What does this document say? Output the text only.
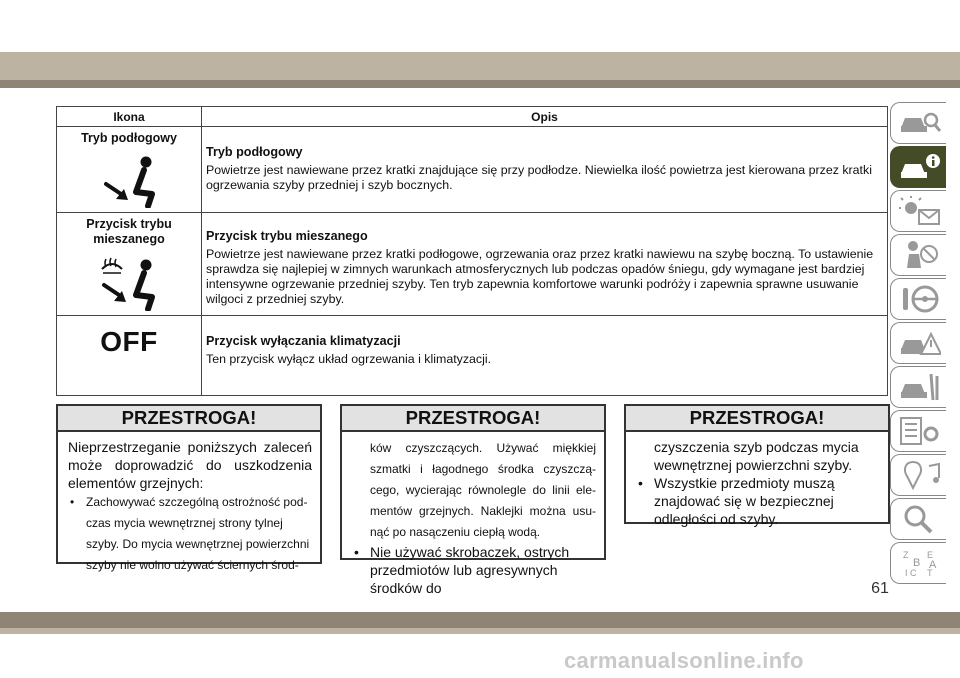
Ikona	Opis
Tryb podłogowy	Tryb podłogowy
Powietrze jest nawiewane przez kratki znajdujące się przy podłodze. Niewielka ilość powietrza jest kierowana przez kratki ogrzewania szyby przedniej i szyb bocznych.
Przycisk trybu mieszanego	Przycisk trybu mieszanego
Powietrze jest nawiewane przez kratki podłogowe, ogrzewania oraz przez kratki nawiewu na szybę boczną. To ustawienie sprawdza się najlepiej w zimnych warunkach atmosferycznych lub podczas opadów śniegu, gdy wymagane jest bardziej intensywne ogrzewanie przedniej szyby. Ten tryb zapewnia komfortowe warunki podróży i zapewnia sprawne usuwanie wilgoci z przedniej szyby.

OFF	Przycisk wyłączania klimatyzacji
Ten przycisk wyłącz układ ogrzewania i klimatyzacji.
PRZESTROGA!
Nieprzestrzeganie poniższych zaleceń może doprowadzić do uszkodzenia elementów grzejnych:
• Zachowywać szczególną ostrożność podczas mycia wewnętrznej strony tylnej szyby. Do mycia wewnętrznej powierzchni szyby nie wolno używać ściernych środ-
PRZESTROGA!
ków czyszczących. Używać miękkiej szmatki i łagodnego środka czyszczącego, wycierając równolegle do linii elementów grzejnych. Naklejki można usunąć po nasączeniu ciepłą wodą.
• Nie używać skrobaczek, ostrych przedmiotów lub agresywnych środków do
PRZESTROGA!
czyszczenia szyb podczas mycia wewnętrznej powierzchni szyby.
• Wszystkie przedmioty muszą znajdować się w bezpiecznej odległości od szyby.
Z E
B A
I C T
61
carmanualsonline.info
